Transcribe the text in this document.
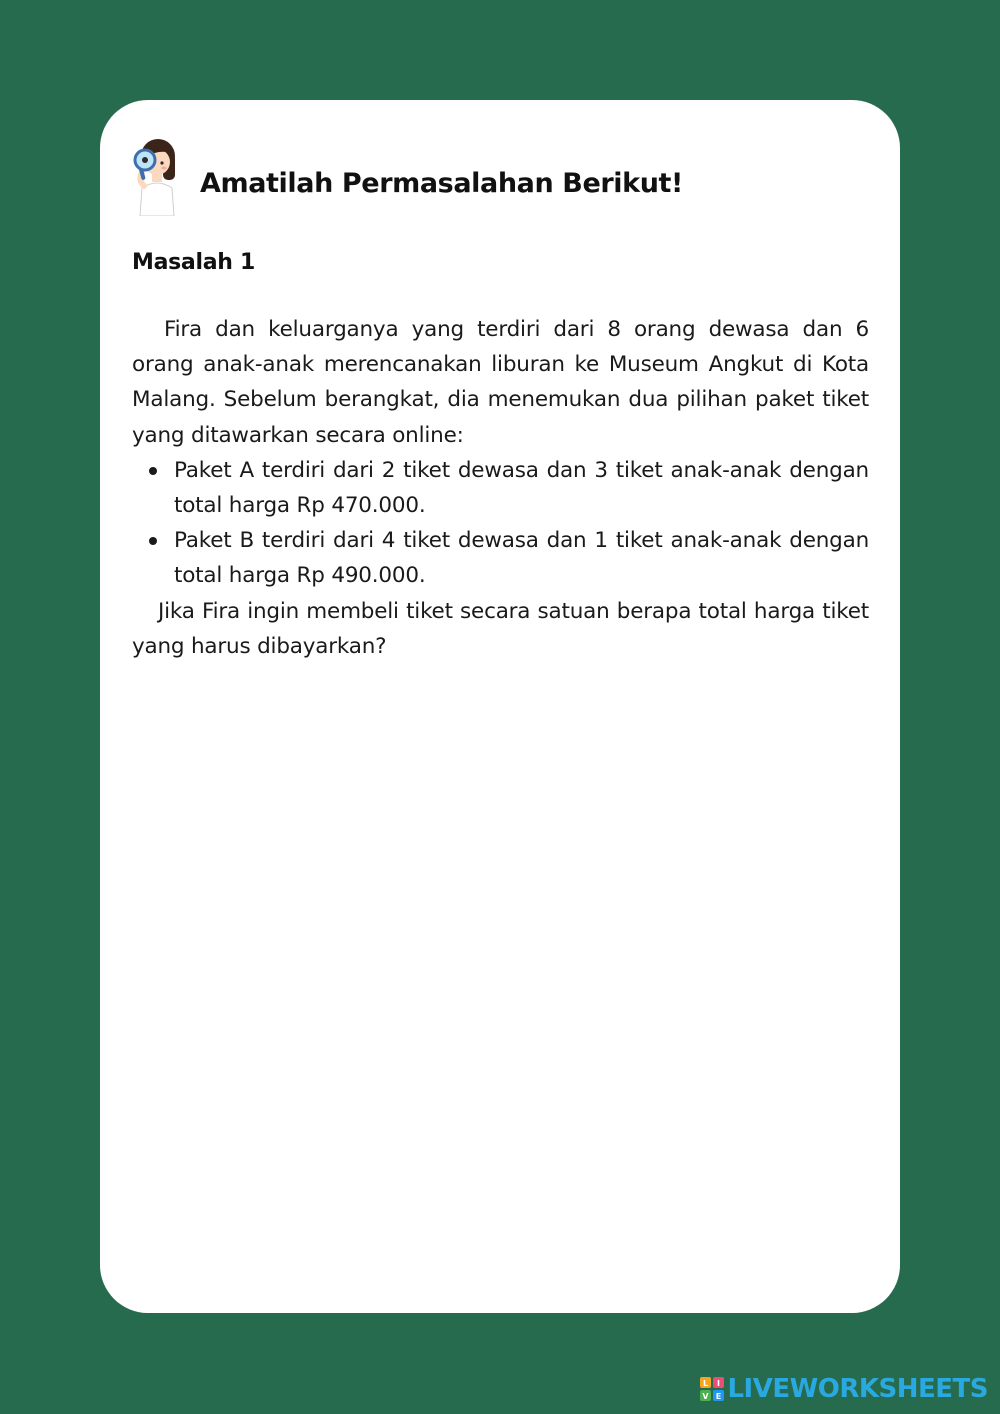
Amatilah Permasalahan Berikut!
Masalah 1

Fira dan keluarganya yang terdiri dari 8 orang dewasa dan 6 orang anak-anak merencanakan liburan ke Museum Angkut di Kota Malang. Sebelum berangkat, dia menemukan dua pilihan paket tiket yang ditawarkan secara online:

Paket A terdiri dari 2 tiket dewasa dan 3 tiket anak-anak dengan total harga Rp 470.000.
Paket B terdiri dari 4 tiket dewasa dan 1 tiket anak-anak dengan total harga Rp 490.000.

Jika Fira ingin membeli tiket secara satuan berapa total harga tiket yang harus dibayarkan?

L I
V E LIVEWORKSHEETS
